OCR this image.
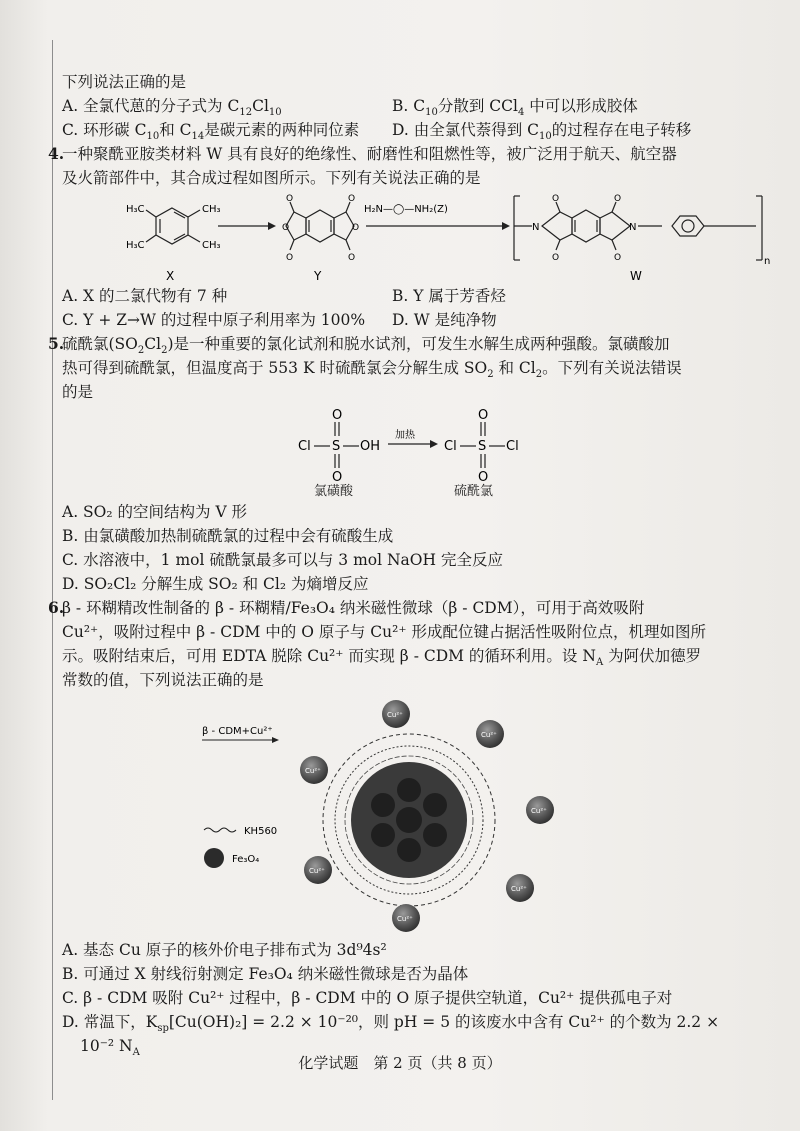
下列说法正确的是
A. 全氯代葸的分子式为 $C_{12}Cl_{10}$	B. $C_{10}$分散到 CCl$_4$ 中可以形成胶体
C. 环形碳 $C_{10}$和 $C_{14}$是碳元素的两种同位素 D. 由全氯代萘得到 $C_{10}$的过程存在电子转移
4.
一种聚酰亚胺类材料 W 具有良好的绝缘性、耐磨性和阻燃性等，被广泛用于航天、航空器
及火箭部件中，其合成过程如图所示。下列有关说法正确的是
H₃C
H₃C
CH₃
CH₃
X
O	O
O
O
O
O
Y
H₂N—◯—NH₂(Z)
N	N
O
O
O
O	n
W
A. X 的二氯代物有 7 种	B. Y 属于芳香烃
C. Y + Z→W 的过程中原子利用率为 100% D. W 是纯净物
5.
硫酰氯$(SO_2Cl_2)$是一种重要的氯化试剂和脱水试剂，可发生水解生成两种强酸。氯磺酸加
热可得到硫酰氯，但温度高于 553 K 时硫酰氯会分解生成 $SO_2$ 和 $Cl_2$。下列有关说法错误
的是
Cl S OH
O
O
加热
Cl S Cl
O
O
氯磺酸	硫酰氯
A. SO₂ 的空间结构为 V 形
B. 由氯磺酸加热制硫酰氯的过程中会有硫酸生成
C. 水溶液中，1 mol 硫酰氯最多可以与 3 mol NaOH 完全反应
D. SO₂Cl₂ 分解生成 SO₂ 和 Cl₂ 为熵增反应
6.
β - 环糊精改性制备的 β - 环糊精/Fe₃O₄ 纳米磁性微球（β - CDM），可用于高效吸附
Cu²⁺，吸附过程中 β - CDM 中的 O 原子与 Cu²⁺ 形成配位键占据活性吸附位点，机理如图所
示。吸附结束后，可用 EDTA 脱除 Cu²⁺ 而实现 β - CDM 的循环利用。设 $N_A$ 为阿伏加德罗
常数的值，下列说法正确的是
β - CDM+Cu²⁺
KH560
Fe₃O₄
Cu²⁺
Cu²⁺
Cu²⁺
Cu²⁺
Cu²⁺
Cu²⁺
Cu²⁺
A. 基态 Cu 原子的核外价电子排布式为 3d⁹4s²
B. 可通过 X 射线衍射测定 Fe₃O₄ 纳米磁性微球是否为晶体
C. β - CDM 吸附 Cu²⁺ 过程中，β - CDM 中的 O 原子提供空轨道，Cu²⁺ 提供孤电子对
D. 常温下，$K_{sp}[Cu(OH)_2] = 2.2 \times 10^{-20}$，则 pH = 5 的该废水中含有 Cu²⁺ 的个数为 2.2 ×
10⁻² $N_A$
化学试题　第 2 页（共 8 页）
